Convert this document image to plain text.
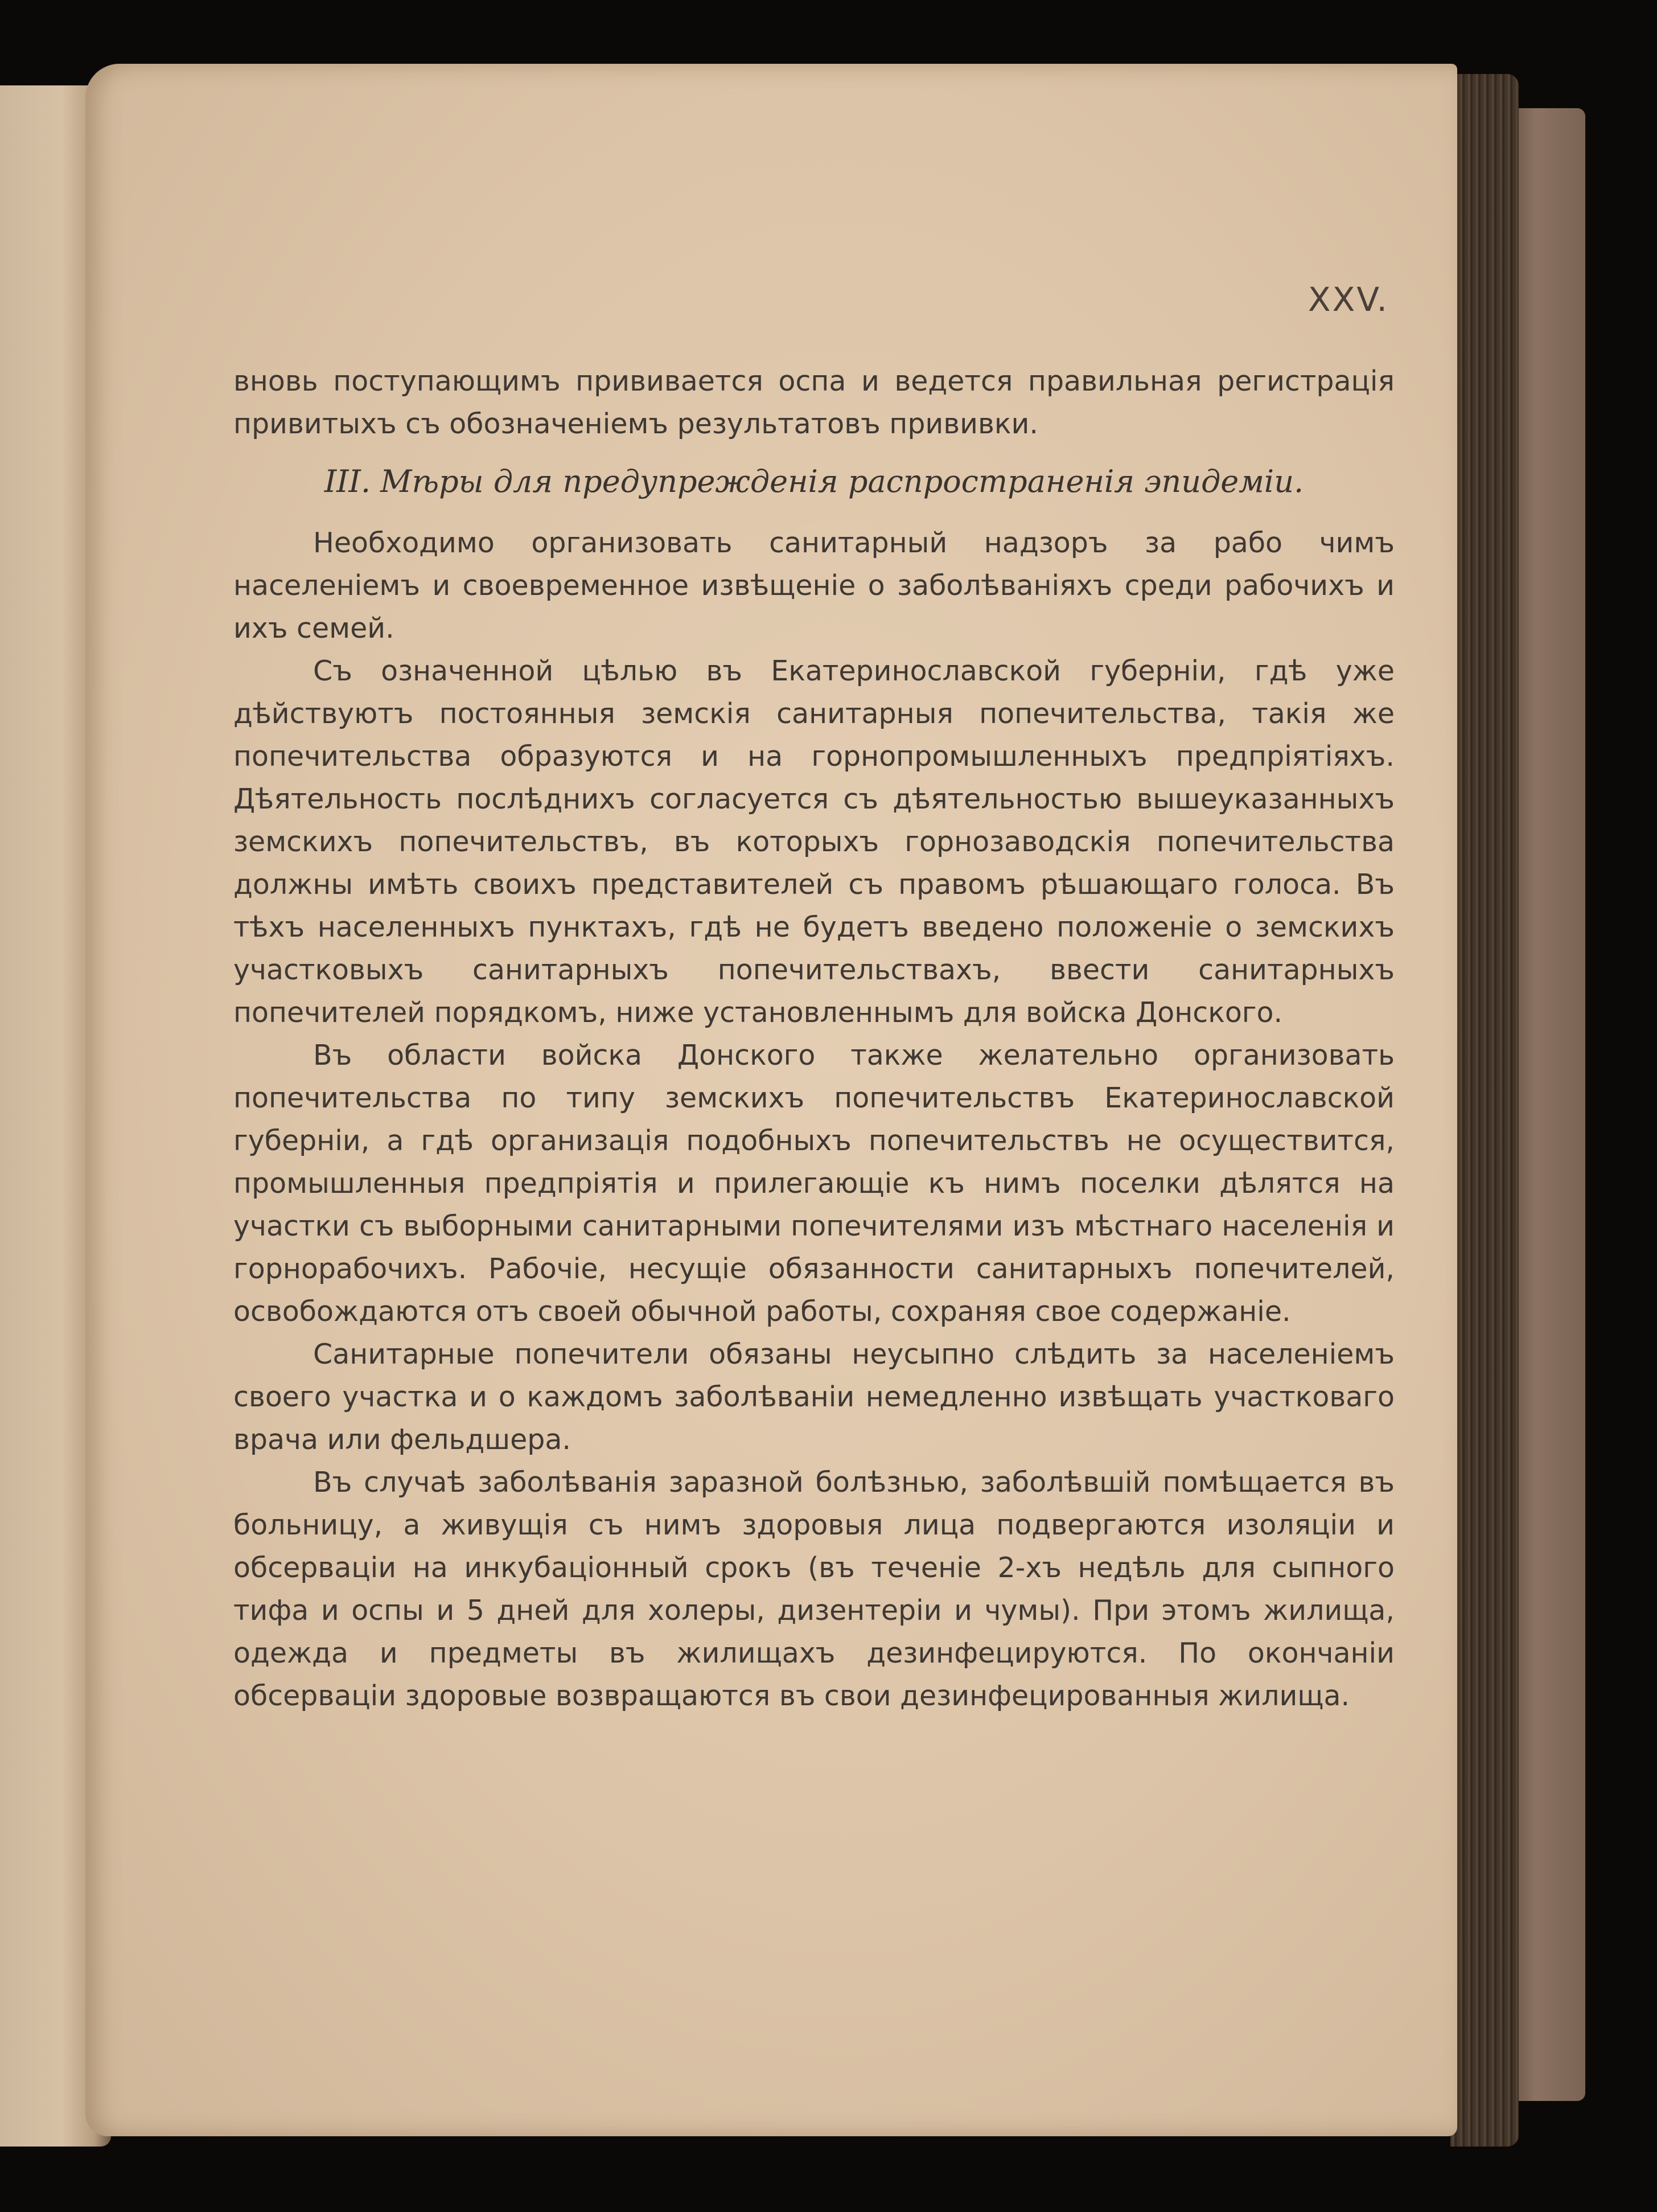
XXV.

вновь поступающимъ прививается оспа и ведется правильная регистрація привитыхъ съ обозначеніемъ результатовъ прививки.

III. Мѣры для предупрежденія распространенія эпидеміи.

Необходимо организовать санитарный надзоръ за рабо чимъ населеніемъ и своевременное извѣщеніе о заболѣваніяхъ среди рабочихъ и ихъ семей.

Съ означенной цѣлью въ Екатеринославской губерніи, гдѣ уже дѣйствуютъ постоянныя земскія санитарныя попечительства, такія же попечительства образуются и на горнопромышленныхъ предпріятіяхъ. Дѣятельность послѣднихъ согласуется съ дѣятельностью вышеуказанныхъ земскихъ попечительствъ, въ которыхъ горнозаводскія попечительства должны имѣть своихъ представителей съ правомъ рѣшающаго голоса. Въ тѣхъ населенныхъ пунктахъ, гдѣ не будетъ введено положеніе о земскихъ участковыхъ санитарныхъ попечительствахъ, ввести санитарныхъ попечителей порядкомъ, ниже установленнымъ для войска Донского.

Въ области войска Донского также желательно организовать попечительства по типу земскихъ попечительствъ Екатеринославской губерніи, а гдѣ организація подобныхъ попечительствъ не осуществится, промышленныя предпріятія и прилегающіе къ нимъ поселки дѣлятся на участки съ выборными санитарными попечителями изъ мѣстнаго населенія и горнорабочихъ. Рабочіе, несущіе обязанности санитарныхъ попечителей, освобождаются отъ своей обычной работы, сохраняя свое содержаніе.

Санитарные попечители обязаны неусыпно слѣдить за населеніемъ своего участка и о каждомъ заболѣваніи немедленно извѣщать участковаго врача или фельдшера.

Въ случаѣ заболѣванія заразной болѣзнью, заболѣвшій помѣщается въ больницу, а живущія съ нимъ здоровыя лица подвергаются изоляціи и обсерваціи на инкубаціонный срокъ (въ теченіе 2-хъ недѣль для сыпного тифа и оспы и 5 дней для холеры, дизентеріи и чумы). При этомъ жилища, одежда и предметы въ жилищахъ дезинфецируются. По окончаніи обсерваціи здоровые возвращаются въ свои дезинфецированныя жилища.
